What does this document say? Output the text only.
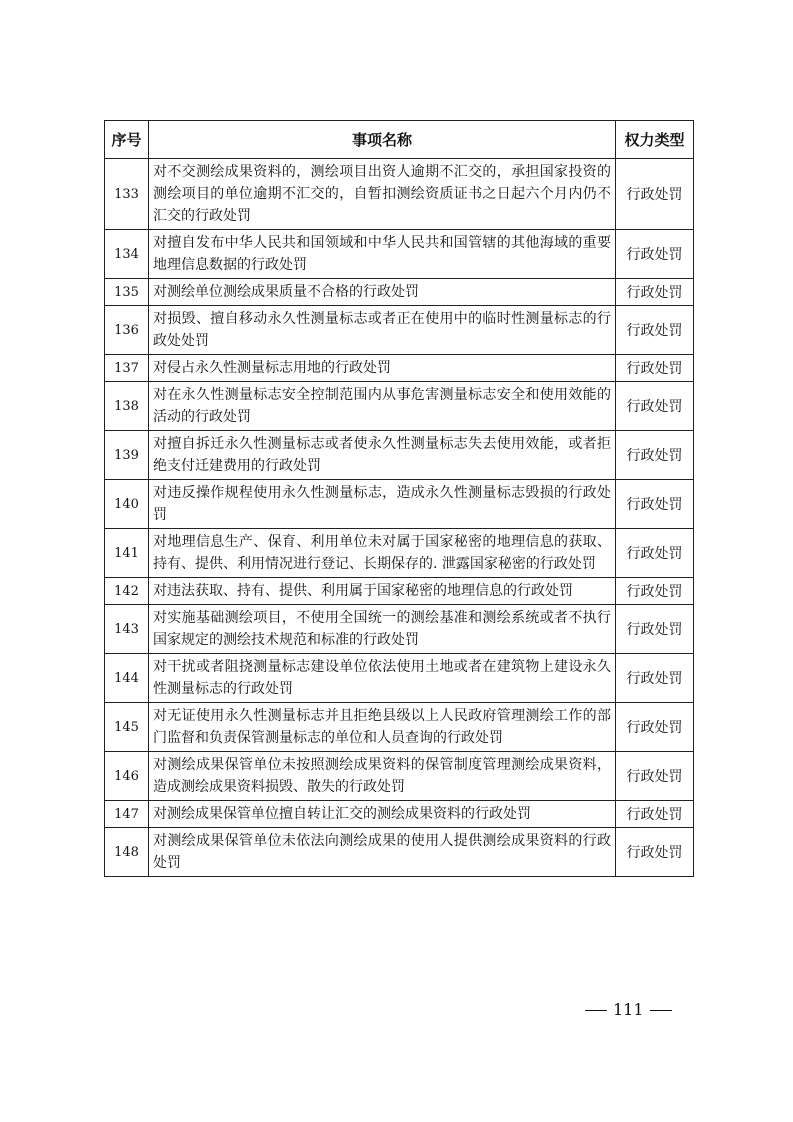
序号	事项名称	权力类型
133	对不交测绘成果资料的，测绘项目出资人逾期不汇交的，承担国家投资的测绘项目的单位逾期不汇交的，自暂扣测绘资质证书之日起六个月内仍不汇交的行政处罚	行政处罚
134	对擅自发布中华人民共和国领域和中华人民共和国管辖的其他海域的重要地理信息数据的行政处罚	行政处罚
135	对测绘单位测绘成果质量不合格的行政处罚	行政处罚
136	对损毁、擅自移动永久性测量标志或者正在使用中的临时性测量标志的行政处处罚	行政处罚
137	对侵占永久性测量标志用地的行政处罚	行政处罚
138	对在永久性测量标志安全控制范围内从事危害测量标志安全和使用效能的活动的行政处罚	行政处罚
139	对擅自拆迁永久性测量标志或者使永久性测量标志失去使用效能，或者拒绝支付迁建费用的行政处罚	行政处罚
140	对违反操作规程使用永久性测量标志，造成永久性测量标志毁损的行政处罚	行政处罚
141	对地理信息生产、保育、利用单位未对属于国家秘密的地理信息的获取、持有、提供、利用情况进行登记、长期保存的. 泄露国家秘密的行政处罚	行政处罚
142	对违法获取、持有、提供、利用属于国家秘密的地理信息的行政处罚	行政处罚
143	对实施基础测绘项目，不使用全国统一的测绘基准和测绘系统或者不执行国家规定的测绘技术规范和标准的行政处罚	行政处罚
144	对干扰或者阻挠测量标志建设单位依法使用土地或者在建筑物上建设永久性测量标志的行政处罚	行政处罚
145	对无证使用永久性测量标志并且拒绝县级以上人民政府管理测绘工作的部门监督和负责保管测量标志的单位和人员查询的行政处罚	行政处罚
146	对测绘成果保管单位未按照测绘成果资料的保管制度管理测绘成果资料，造成测绘成果资料损毁、散失的行政处罚	行政处罚
147	对测绘成果保管单位擅自转让汇交的测绘成果资料的行政处罚	行政处罚
148	对测绘成果保管单位未依法向测绘成果的使用人提供测绘成果资料的行政处罚	行政处罚
111
